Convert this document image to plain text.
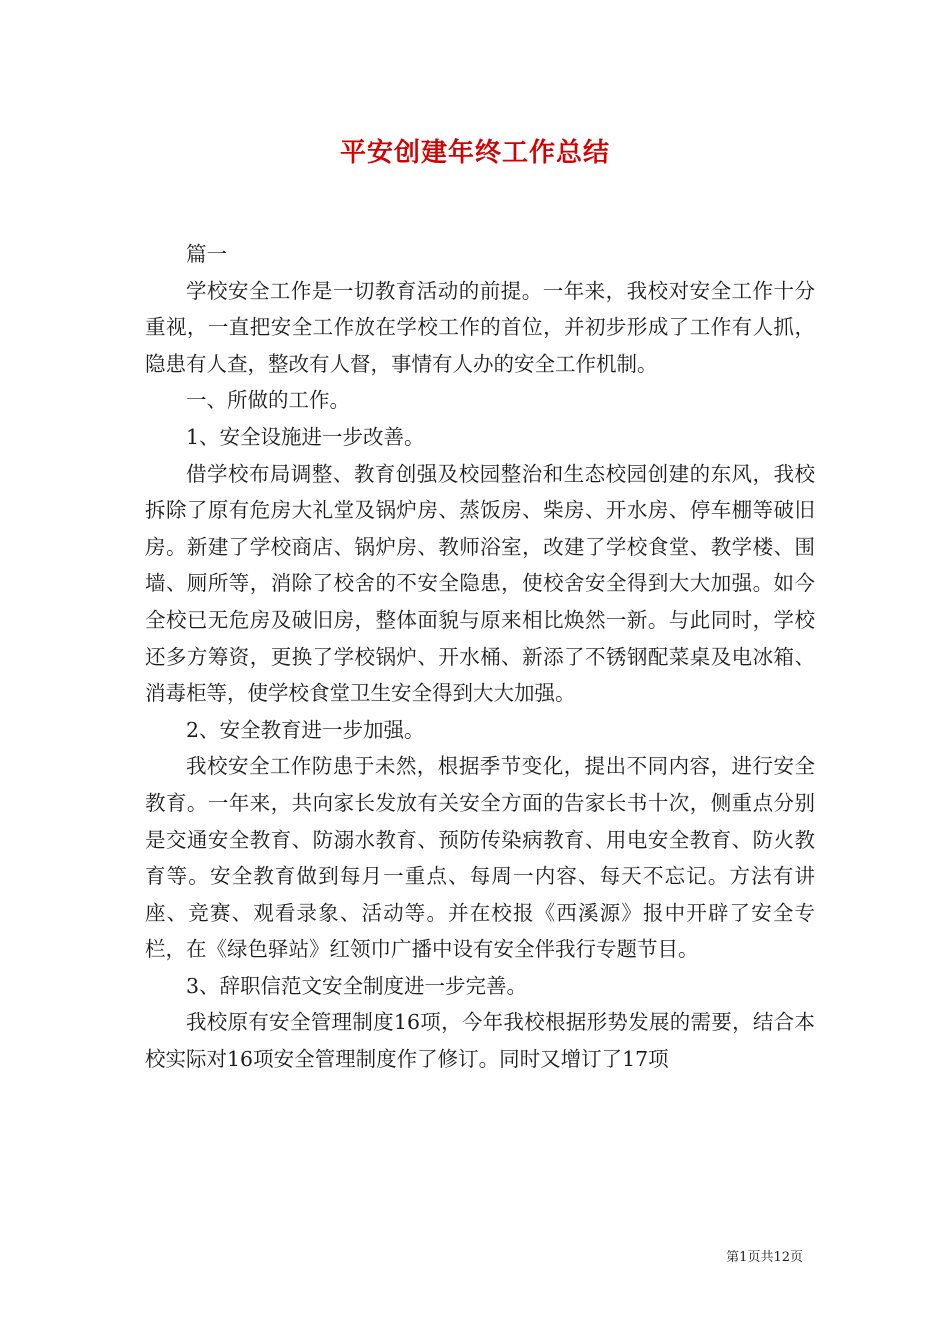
平安创建年终工作总结

篇一

学校安全工作是一切教育活动的前提。一年来，我校对安全工作十分重视，一直把安全工作放在学校工作的首位，并初步形成了工作有人抓，隐患有人查，整改有人督，事情有人办的安全工作机制。

一、所做的工作。

1、安全设施进一步改善。

借学校布局调整、教育创强及校园整治和生态校园创建的东风，我校拆除了原有危房大礼堂及锅炉房、蒸饭房、柴房、开水房、停车棚等破旧房。新建了学校商店、锅炉房、教师浴室，改建了学校食堂、教学楼、围墙、厕所等，消除了校舍的不安全隐患，使校舍安全得到大大加强。如今全校已无危房及破旧房，整体面貌与原来相比焕然一新。与此同时，学校还多方筹资，更换了学校锅炉、开水桶、新添了不锈钢配菜桌及电冰箱、消毒柜等，使学校食堂卫生安全得到大大加强。

2、安全教育进一步加强。

我校安全工作防患于未然，根据季节变化，提出不同内容，进行安全教育。一年来，共向家长发放有关安全方面的告家长书十次，侧重点分别是交通安全教育、防溺水教育、预防传染病教育、用电安全教育、防火教育等。安全教育做到每月一重点、每周一内容、每天不忘记。方法有讲座、竞赛、观看录象、活动等。并在校报《西溪源》报中开辟了安全专栏，在《绿色驿站》红领巾广播中设有安全伴我行专题节目。

3、辞职信范文安全制度进一步完善。

我校原有安全管理制度16项，今年我校根据形势发展的需要，结合本校实际对16项安全管理制度作了修订。同时又增订了17项

第1页共12页
